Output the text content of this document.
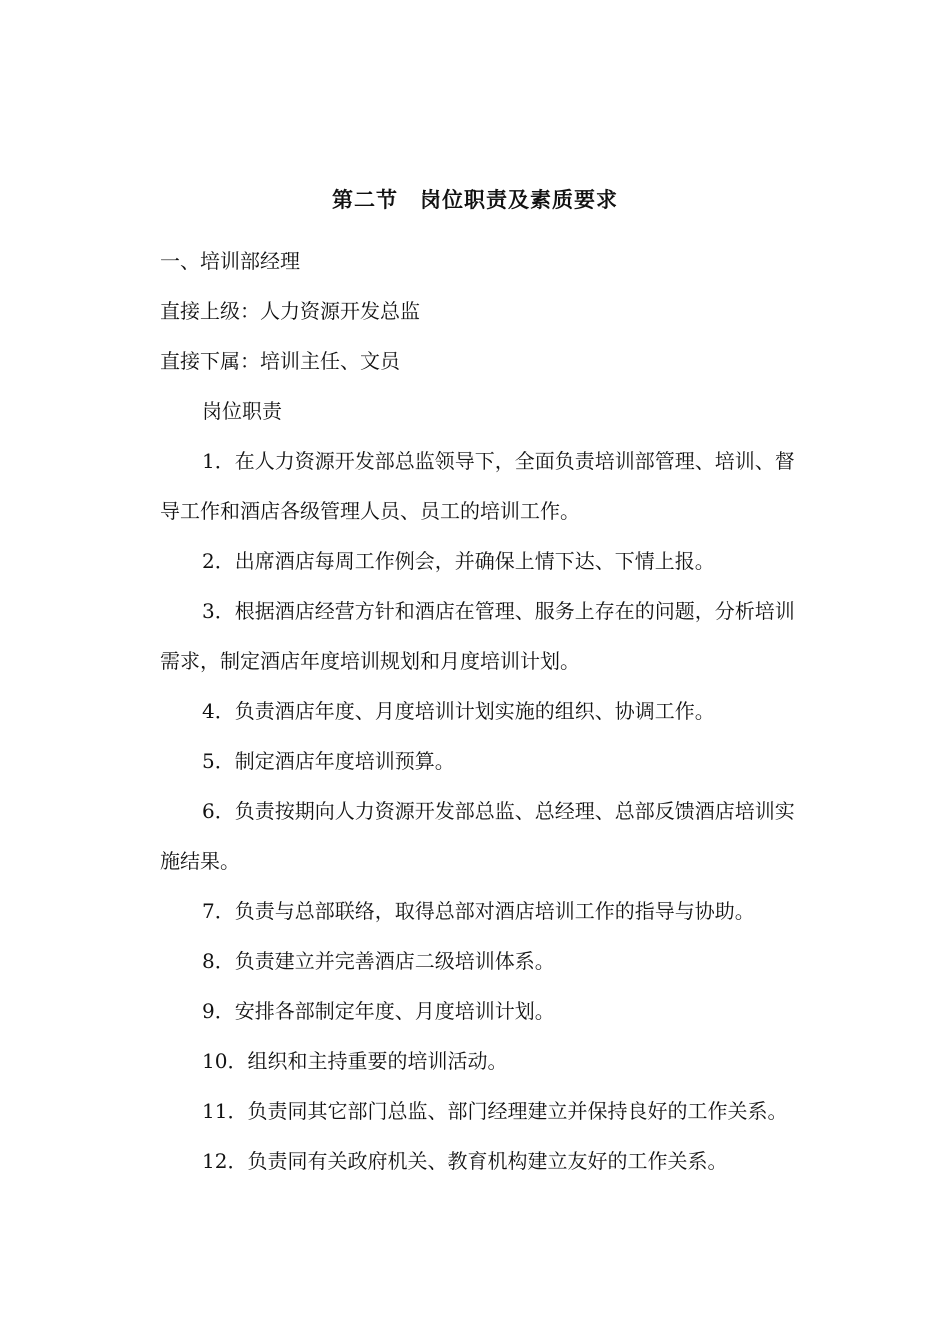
第二节　岗位职责及素质要求

一、培训部经理

直接上级：人力资源开发总监

直接下属：培训主任、文员

岗位职责

1．在人力资源开发部总监领导下，全面负责培训部管理、培训、督导工作和酒店各级管理人员、员工的培训工作。

2．出席酒店每周工作例会，并确保上情下达、下情上报。

3．根据酒店经营方针和酒店在管理、服务上存在的问题，分析培训需求，制定酒店年度培训规划和月度培训计划。

4．负责酒店年度、月度培训计划实施的组织、协调工作。

5．制定酒店年度培训预算。

6．负责按期向人力资源开发部总监、总经理、总部反馈酒店培训实施结果。

7．负责与总部联络，取得总部对酒店培训工作的指导与协助。

8．负责建立并完善酒店二级培训体系。

9．安排各部制定年度、月度培训计划。

10．组织和主持重要的培训活动。

11．负责同其它部门总监、部门经理建立并保持良好的工作关系。

12．负责同有关政府机关、教育机构建立友好的工作关系。
